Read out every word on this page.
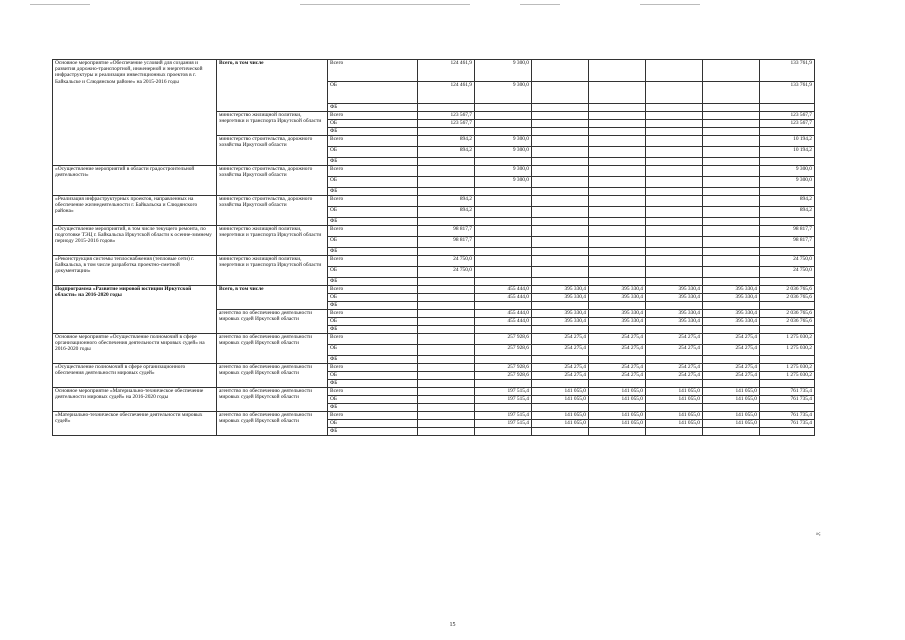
Основное мероприятие «Обеспечение условий для создания и развития дорожно-транспортной, инженерной и энергетической инфраструктуры и реализации инвестиционных проектов в г. Байкальске и Слюдянском районе» на 2015-2016 годы	Всего, в том числе	Всего	124 461,9	9 300,0					133 761,9
		ОБ	124 461,9	9 300,0					133 761,9
		ФБ							
	министерство жилищной политики, энергетики и транспорта Иркутской области	Всего	123 567,7						123 567,7
		ОБ	123 567,7						123 567,7
		ФБ							
	министерство строительства, дорожного хозяйства Иркутской области	Всего	894,2	9 300,0					10 194,2
		ОБ	894,2	9 300,0					10 194,2
		ФБ							
«Осуществление мероприятий в области градостроительной деятельности»	министерство строительства, дорожного хозяйства Иркутской области	Всего		9 300,0					9 300,0
		ОБ		9 300,0					9 300,0
		ФБ							
«Реализация инфраструктурных проектов, направленных на обеспечение жизнедеятельности г. Байкальска и Слюдянского района»	министерство строительства, дорожного хозяйства Иркутской области	Всего	894,2						894,2
		ОБ	894,2						894,2
		ФБ							
«Осуществление мероприятий, в том числе текущего ремонта, по подготовке ТЭЦ г. Байкальска Иркутской области к осенне-зимнему периоду 2015-2016 годов»	министерство жилищной политики, энергетики и транспорта Иркутской области	Всего	98 817,7						98 817,7
		ОБ	98 817,7						98 817,7
		ФБ							
«Реконструкция системы теплоснабжения (тепловые сети) г. Байкальска, в том числе разработка проектно-сметной документации»	министерство жилищной политики, энергетики и транспорта Иркутской области	Всего	24 750,0						24 750,0
		ОБ	24 750,0						24 750,0
		ФБ							
Подпрограмма «Развитие мировой юстиции Иркутской области» на 2016-2020 годы	Всего, в том числе	Всего		455 444,0	395 330,4	395 330,4	395 330,4	395 330,4	2 036 765,6
		ОБ		455 444,0	395 330,4	395 330,4	395 330,4	395 330,4	2 036 765,6
		ФБ							
	агентство по обеспечению деятельности мировых судей Иркутской области	Всего		455 444,0	395 330,4	395 330,4	395 330,4	395 330,4	2 036 765,6
		ОБ		455 444,0	395 330,4	395 330,4	395 330,4	395 330,4	2 036 765,6
		ФБ							
Основное мероприятие «Осуществление полномочий в сфере организационного обеспечения деятельности мировых судей» на 2016-2020 годы	агентство по обеспечению деятельности мировых судей Иркутской области	Всего		257 928,6	254 275,4	254 275,4	254 275,4	254 275,4	1 275 030,2
		ОБ		257 928,6	254 275,4	254 275,4	254 275,4	254 275,4	1 275 030,2
		ФБ							
«Осуществление полномочий в сфере организационного обеспечения деятельности мировых судей»	агентство по обеспечению деятельности мировых судей Иркутской области	Всего		257 928,6	254 275,4	254 275,4	254 275,4	254 275,4	1 275 030,2
		ОБ		257 928,6	254 275,4	254 275,4	254 275,4	254 275,4	1 275 030,2
		ФБ							
Основное мероприятие «Материально-техническое обеспечение деятельности мировых судей» на 2016-2020 годы	агентство по обеспечению деятельности мировых судей Иркутской области	Всего		197 515,4	141 055,0	141 055,0	141 055,0	141 055,0	761 735,4
		ОБ		197 515,4	141 055,0	141 055,0	141 055,0	141 055,0	761 735,4
		ФБ							
«Материально-техническое обеспечение деятельности мировых судей»	агентство по обеспечению деятельности мировых судей Иркутской области	Всего		197 515,4	141 055,0	141 055,0	141 055,0	141 055,0	761 735,4
		ОБ		197 515,4	141 055,0	141 055,0	141 055,0	141 055,0	761 735,4
		ФБ							
»;
15
